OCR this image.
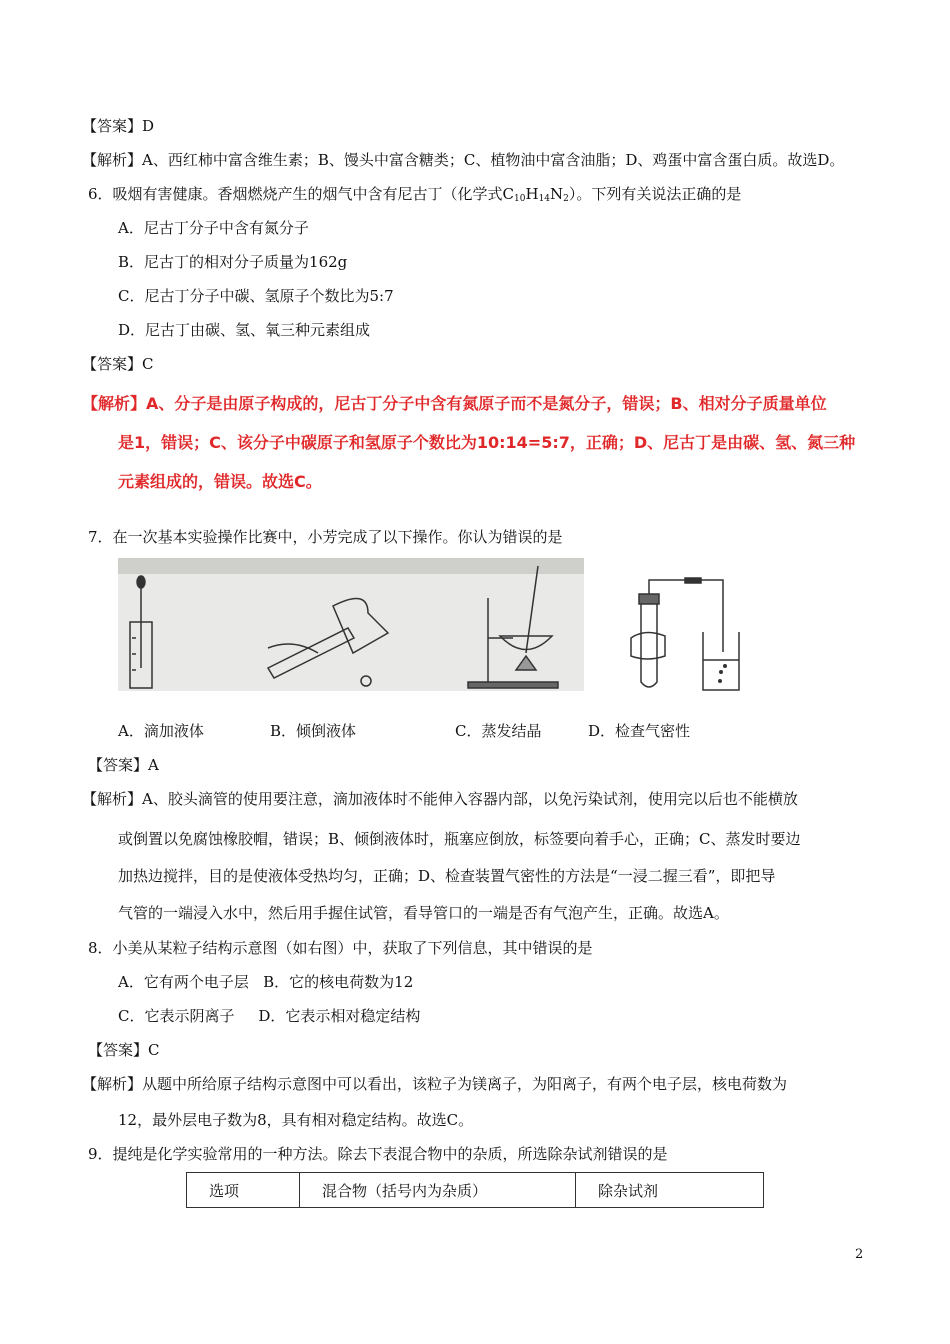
【答案】D
【解析】A、西红柿中富含维生素；B、馒头中富含糖类；C、植物油中富含油脂；D、鸡蛋中富含蛋白质。故选D。
6．吸烟有害健康。香烟燃烧产生的烟气中含有尼古丁（化学式$C_{10}H_{14}N_2$）。下列有关说法正确的是
A．尼古丁分子中含有氮分子
B．尼古丁的相对分子质量为162g
C．尼古丁分子中碳、氢原子个数比为5:7
D．尼古丁由碳、氢、氧三种元素组成
【答案】C
【解析】A、分子是由原子构成的，尼古丁分子中含有氮原子而不是氮分子，错误；B、相对分子质量单位
是1，错误；C、该分子中碳原子和氢原子个数比为10:14=5:7，正确；D、尼古丁是由碳、氢、氮三种
元素组成的，错误。故选C。
7．在一次基本实验操作比赛中，小芳完成了以下操作。你认为错误的是
A．滴加液体	B．倾倒液体	C．蒸发结晶	D．检查气密性
【答案】A
【解析】A、胶头滴管的使用要注意，滴加液体时不能伸入容器内部，以免污染试剂，使用完以后也不能横放
或倒置以免腐蚀橡胶帽，错误；B、倾倒液体时，瓶塞应倒放，标签要向着手心，正确；C、蒸发时要边
加热边搅拌，目的是使液体受热均匀，正确；D、检查装置气密性的方法是“一浸二握三看”，即把导
气管的一端浸入水中，然后用手握住试管，看导管口的一端是否有气泡产生，正确。故选A。
8．小美从某粒子结构示意图（如右图）中，获取了下列信息，其中错误的是
A．它有两个电子层   B．它的核电荷数为12
C．它表示阴离子     D．它表示相对稳定结构
【答案】C
【解析】从题中所给原子结构示意图中可以看出，该粒子为镁离子，为阳离子，有两个电子层，核电荷数为
12，最外层电子数为8，具有相对稳定结构。故选C。
9．提纯是化学实验常用的一种方法。除去下表混合物中的杂质，所选除杂试剂错误的是
选项	混合物（括号内为杂质）	除杂试剂
2
